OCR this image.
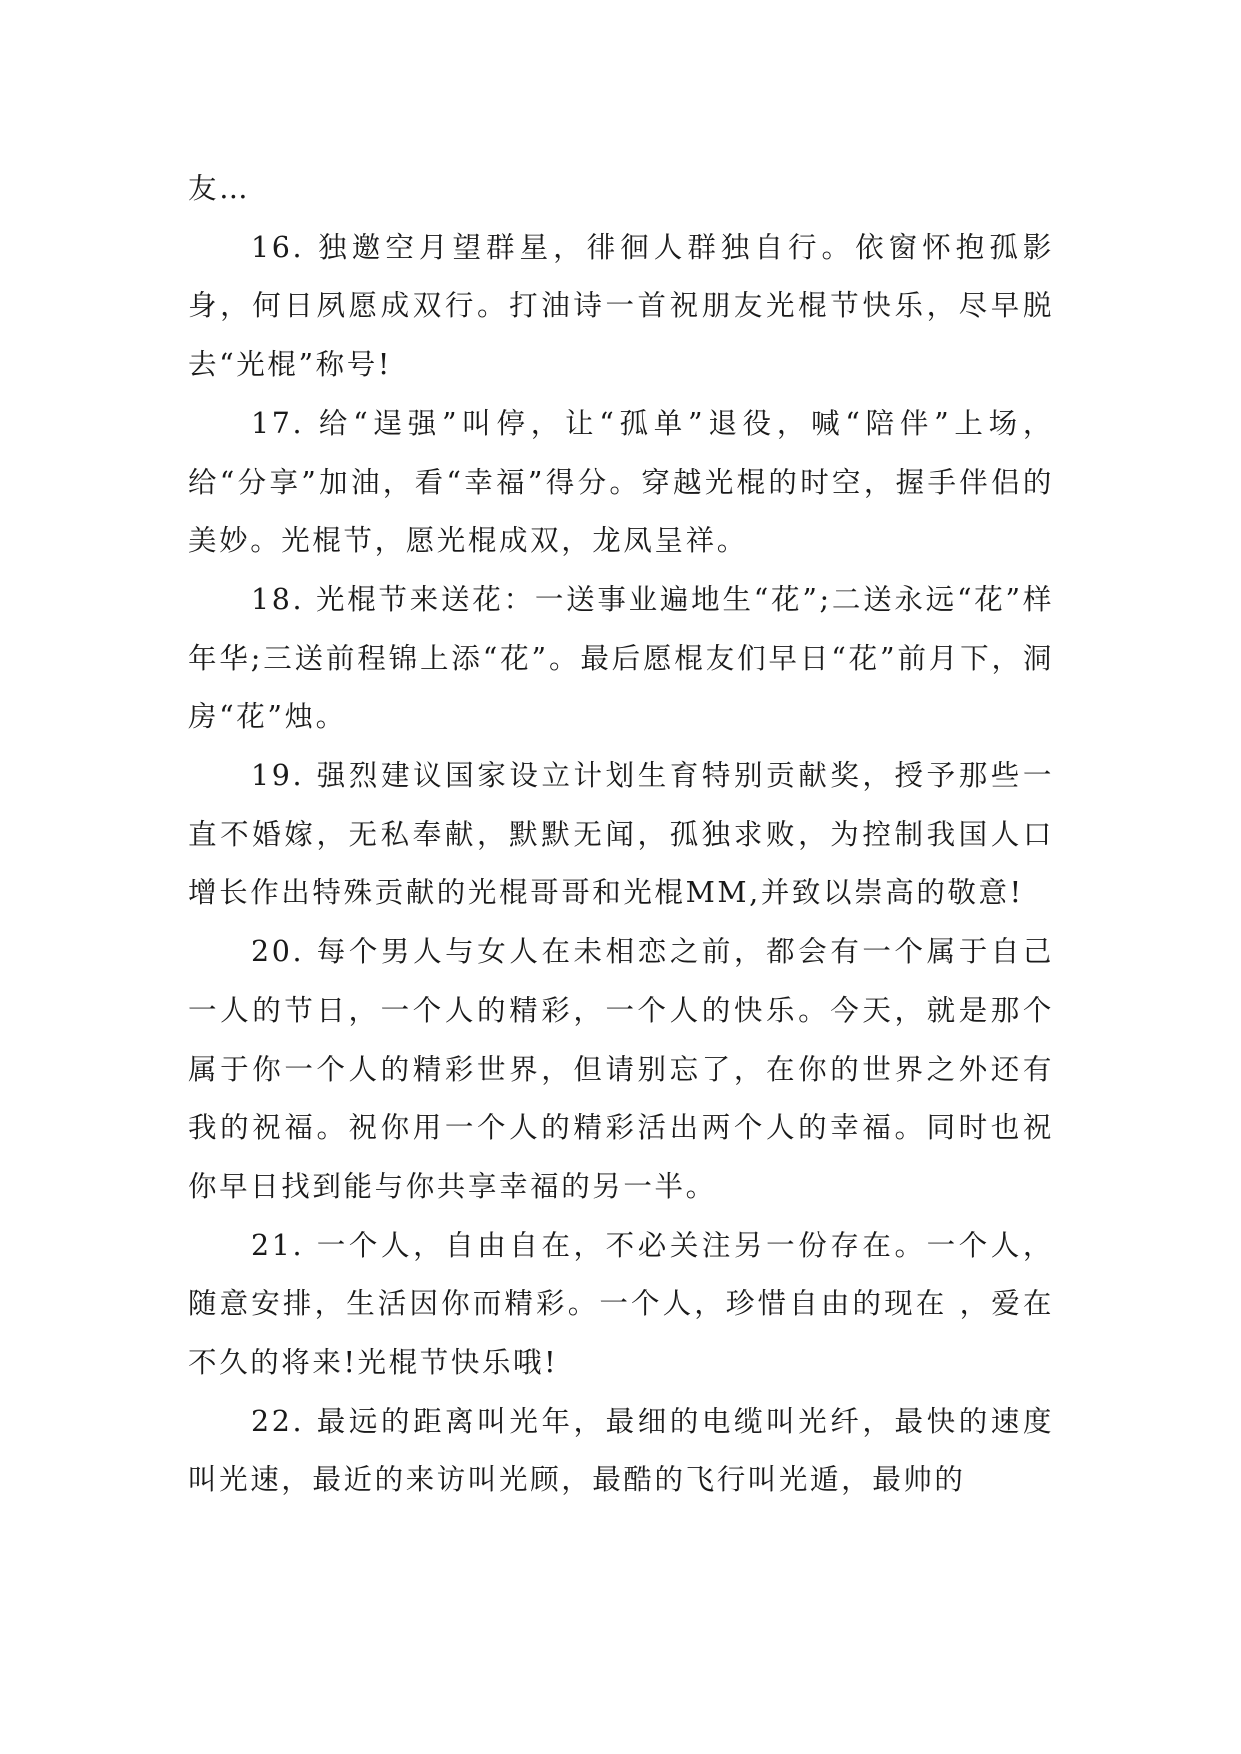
友…

16. 独邀空月望群星，徘徊人群独自行。依窗怀抱孤影身，何日夙愿成双行。打油诗一首祝朋友光棍节快乐，尽早脱去“光棍”称号!

17. 给“逞强”叫停，让“孤单”退役，喊“陪伴”上场，给“分享”加油，看“幸福”得分。穿越光棍的时空，握手伴侣的美妙。光棍节，愿光棍成双，龙凤呈祥。

18. 光棍节来送花：一送事业遍地生“花”;二送永远“花”样年华;三送前程锦上添“花”。最后愿棍友们早日“花”前月下，洞房“花”烛。

19. 强烈建议国家设立计划生育特别贡献奖，授予那些一直不婚嫁，无私奉献，默默无闻，孤独求败，为控制我国人口增长作出特殊贡献的光棍哥哥和光棍MM,并致以崇高的敬意!

20. 每个男人与女人在未相恋之前，都会有一个属于自己一人的节日，一个人的精彩，一个人的快乐。今天，就是那个属于你一个人的精彩世界，但请别忘了，在你的世界之外还有我的祝福。祝你用一个人的精彩活出两个人的幸福。同时也祝你早日找到能与你共享幸福的另一半。

21. 一个人，自由自在，不必关注另一份存在。一个人，随意安排，生活因你而精彩。一个人，珍惜自由的现在 ，爱在不久的将来!光棍节快乐哦!

22. 最远的距离叫光年，最细的电缆叫光纤，最快的速度叫光速，最近的来访叫光顾，最酷的飞行叫光遁，最帅的
